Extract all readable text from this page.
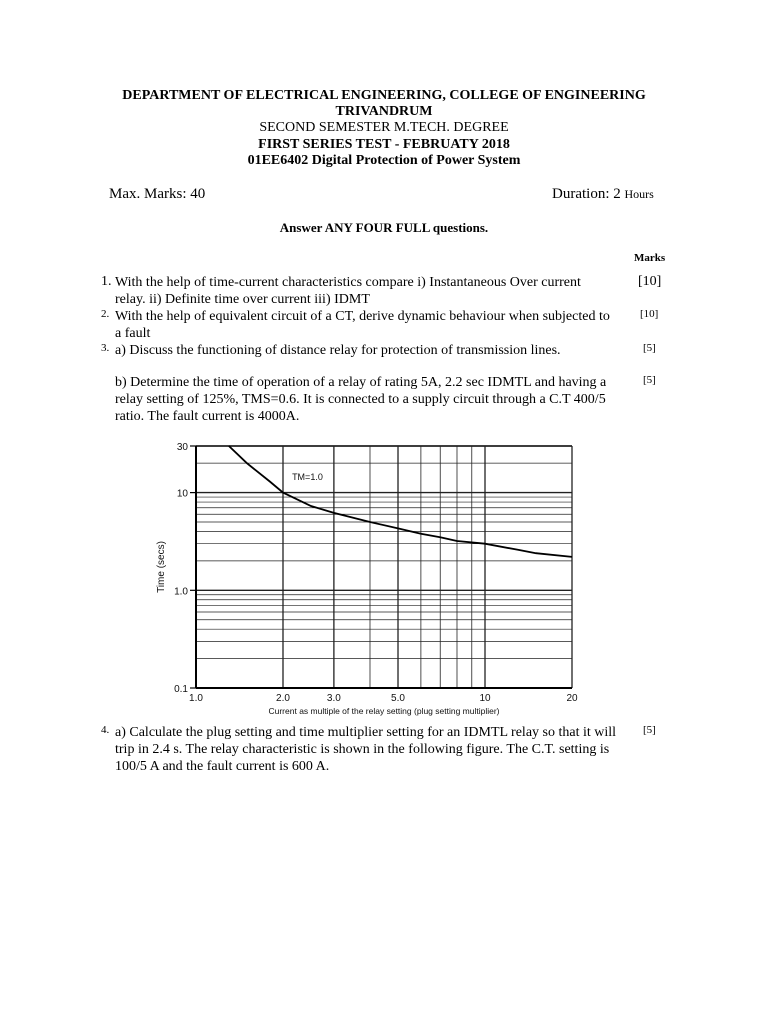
DEPARTMENT OF ELECTRICAL ENGINEERING, COLLEGE OF ENGINEERING
TRIVANDRUM
SECOND SEMESTER M.TECH. DEGREE
FIRST SERIES TEST - FEBRUATY 2018
01EE6402 Digital Protection of Power System
Max. Marks: 40	Duration: 2 Hours
Answer ANY FOUR FULL questions.
Marks
1. With the help of time-current characteristics compare i) Instantaneous Over current
relay. ii) Definite time over current iii) IDMT
[10]
2. With the help of equivalent circuit of a CT, derive dynamic behaviour when subjected to
a fault
[10]
3. a) Discuss the functioning of distance relay for protection of transmission lines.	[5]
b) Determine the time of operation of a relay of rating 5A, 2.2 sec IDMTL and having a
relay setting of 125%, TMS=0.6. It is connected to a supply circuit through a C.T 400/5
ratio. The fault current is 4000A.
[5]
0.1
1.0
10
30
1.0	2.0	3.0	5.0	10	20
Current as multiple of the relay setting (plug setting multiplier)
Time (secs)
TM=1.0
4. a) Calculate the plug setting and time multiplier setting for an IDMTL relay so that it will
trip in 2.4 s. The relay characteristic is shown in the following figure. The C.T. setting is
100/5 A and the fault current is 600 A.
[5]
